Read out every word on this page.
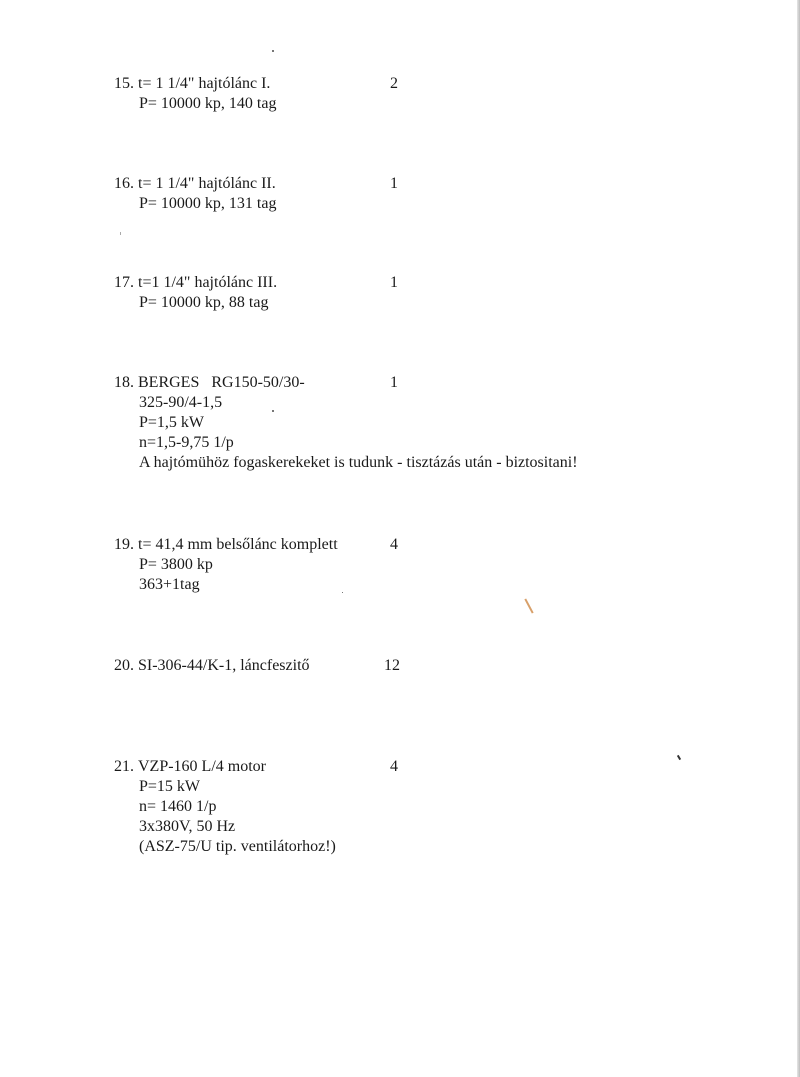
15. t= 1 1/4" hajtólánc I.	2
P= 10000 kp, 140 tag
16. t= 1 1/4" hajtólánc II.	1
P= 10000 kp, 131 tag
17. t=1 1/4" hajtólánc III.	1
P= 10000 kp, 88 tag
18. BERGES   RG150-50/30-	1
325-90/4-1,5
P=1,5 kW
n=1,5-9,75 1/p
A hajtómühöz fogaskerekeket is tudunk - tisztázás után - biztositani!
19. t= 41,4 mm belsőlánc komplett	4
P= 3800 kp
363+1tag
20. SI-306-44/K-1, láncfeszitő	12
21. VZP-160 L/4 motor	4
P=15 kW
n= 1460 1/p
3x380V, 50 Hz
(ASZ-75/U tip. ventilátorhoz!)
